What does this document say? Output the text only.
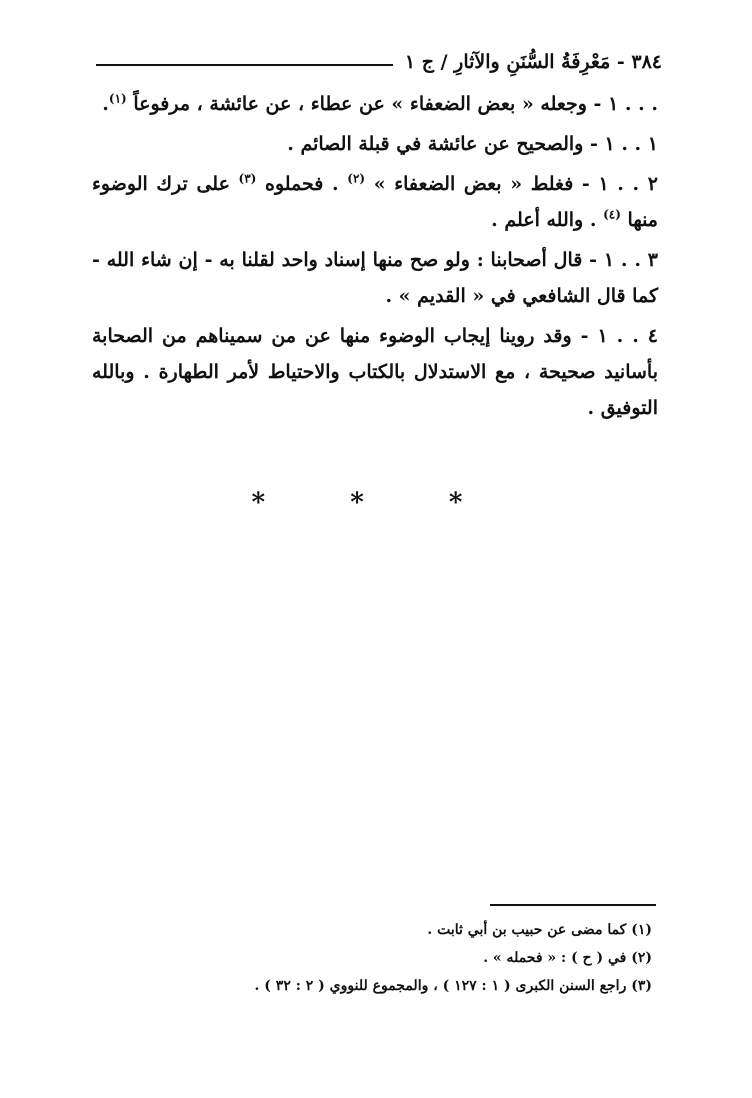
٣٨٤ - مَعْرِفَةُ السُّنَنِ والآثارِ / ج ١

. . . ١ - وجعله « بعض الضعفاء » عن عطاء ، عن عائشة ، مرفوعاً $^{(١)}$.

١ . . ١ - والصحيح عن عائشة في قبلة الصائم .

٢ . . ١ - فغلط « بعض الضعفاء » $^{(٢)}$ . فحملوه $^{(٣)}$ على ترك الوضوء منها $^{(٤)}$ . والله أعلم .

٣ . . ١ - قال أصحابنا : ولو صح منها إسناد واحد لقلنا به - إن شاء الله - كما قال الشافعي في « القديم » .

٤ . . ١ - وقد روينا إيجاب الوضوء منها عن من سميناهم من الصحابة بأسانيد صحيحة ، مع الاستدلال بالكتاب والاحتياط لأمر الطهارة . وبالله التوفيق .

* * *

(١) كما مضى عن حبيب بن أبي ثابت .

(٢) في ( ح ) : « فحمله » .

(٣) راجع السنن الكبرى ( ١ : ١٢٧ ) ، والمجموع للنووي ( ٢ : ٣٢ ) .
